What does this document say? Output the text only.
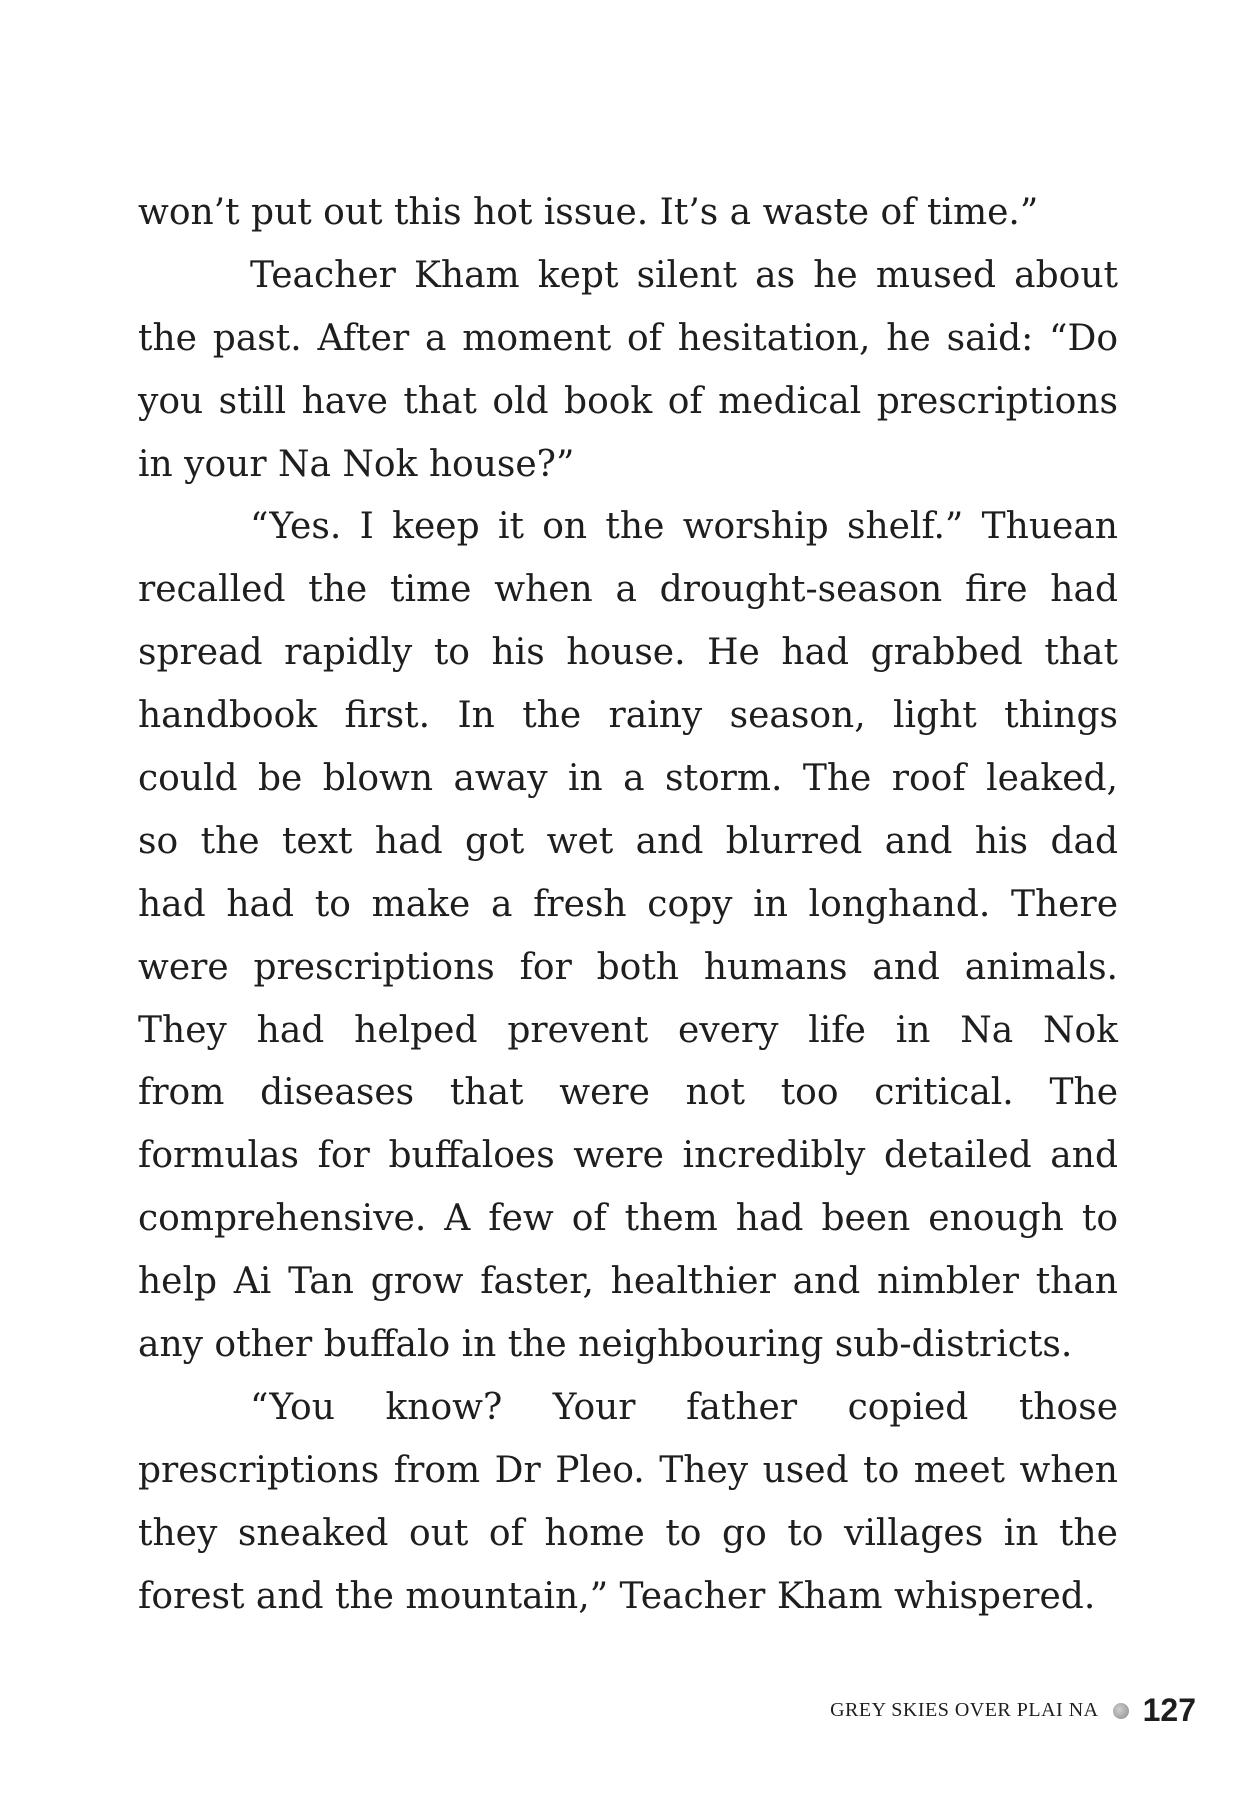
won’t put out this hot issue. It’s a waste of time.”
Teacher Kham kept silent as he mused about
the past. After a moment of hesitation, he said: “Do
you still have that old book of medical prescriptions
in your Na Nok house?”
“Yes. I keep it on the worship shelf.” Thuean
recalled the time when a drought-season fire had
spread rapidly to his house. He had grabbed that
handbook first. In the rainy season, light things
could be blown away in a storm. The roof leaked,
so the text had got wet and blurred and his dad
had had to make a fresh copy in longhand. There
were prescriptions for both humans and animals.
They had helped prevent every life in Na Nok
from diseases that were not too critical. The
formulas for buffaloes were incredibly detailed and
comprehensive. A few of them had been enough to
help Ai Tan grow faster, healthier and nimbler than
any other buffalo in the neighbouring sub-districts.
“You know? Your father copied those
prescriptions from Dr Pleo. They used to meet when
they sneaked out of home to go to villages in the
forest and the mountain,” Teacher Kham whispered.
GREY SKIES OVER PLAI NA 127
